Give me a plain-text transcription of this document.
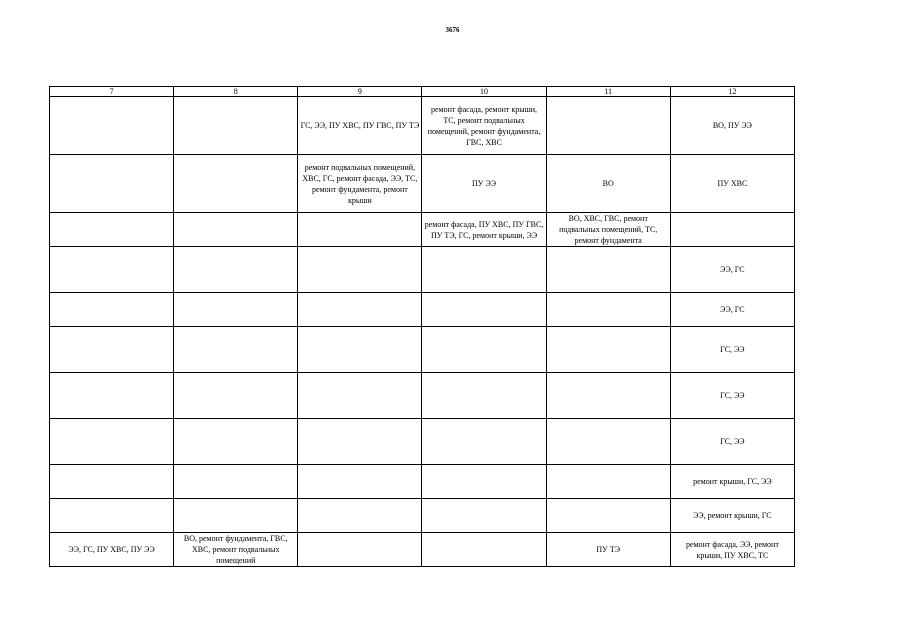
3676
7	8	9	10	11	12
		ГС, ЭЭ, ПУ ХВС, ПУ ГВС, ПУ ТЭ	ремонт фасада, ремонт крыши, ТС, ремонт подвальных помещений, ремонт фундамента, ГВС, ХВС		ВО, ПУ ЭЭ
		ремонт подвальных помещений, ХВС, ГС, ремонт фасада, ЭЭ, ТС, ремонт фундамента, ремонт крыши	ПУ ЭЭ	ВО	ПУ ХВС
			ремонт фасада, ПУ ХВС, ПУ ГВС, ПУ ТЭ, ГС, ремонт крыши, ЭЭ	ВО, ХВС, ГВС, ремонт подвальных помещений, ТС, ремонт фундамента	
					ЭЭ, ГС
					ЭЭ, ГС
					ГС, ЭЭ
					ГС, ЭЭ
					ГС, ЭЭ
					ремонт крыши, ГС, ЭЭ
					ЭЭ, ремонт крыши, ГС
ЭЭ, ГС, ПУ ХВС, ПУ ЭЭ	ВО, ремонт фундамента, ГВС, ХВС, ремонт подвальных помещений			ПУ ТЭ	ремонт фасада, ЭЭ, ремонт крыши, ПУ ХВС, ТС
